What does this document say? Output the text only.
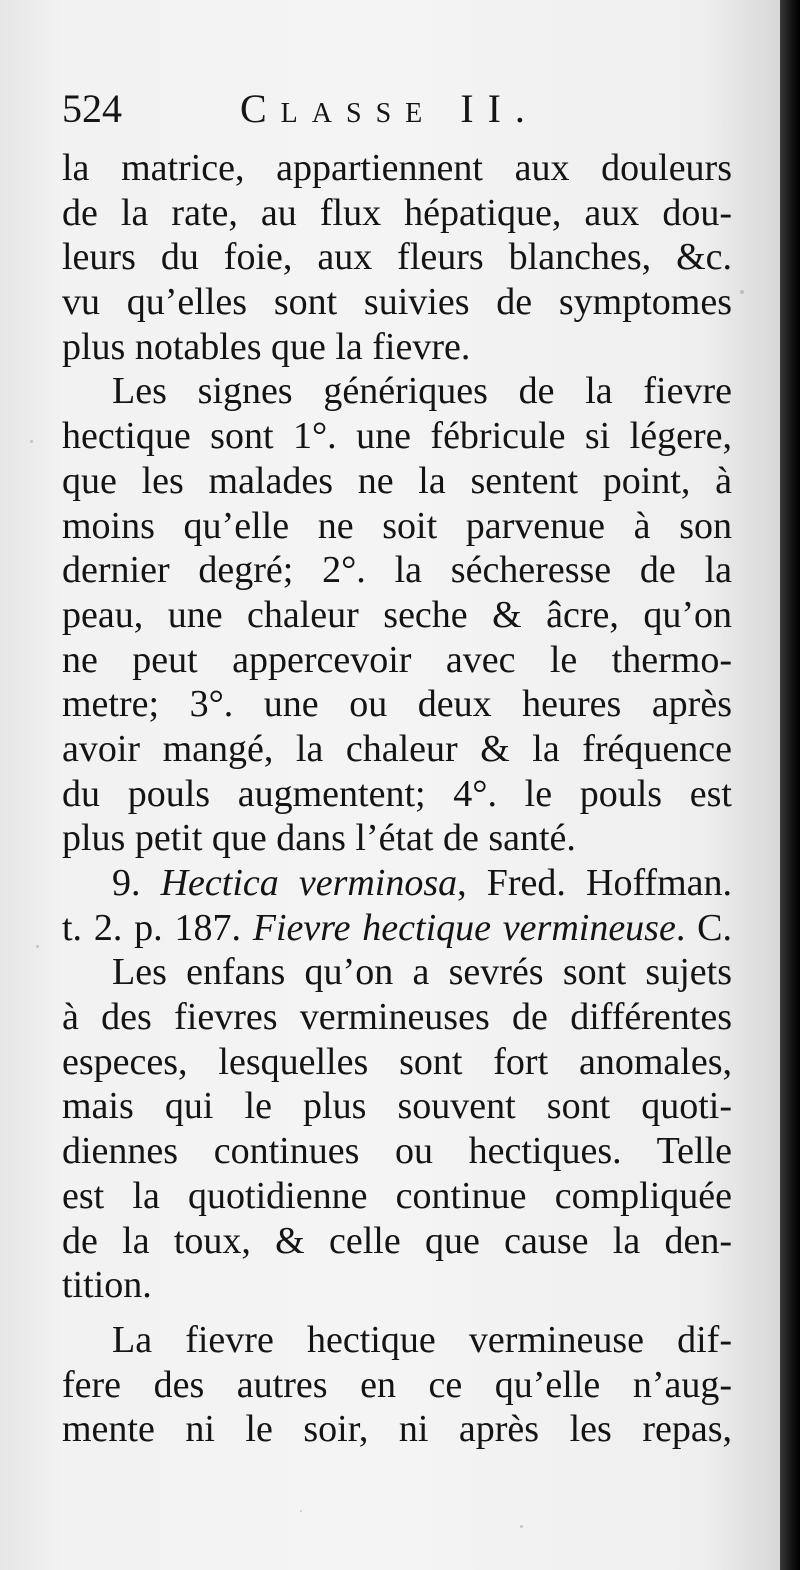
524	Classe II.
la matrice, appartiennent aux douleurs
de la rate, au flux hépatique, aux dou-
leurs du foie, aux fleurs blanches, &c.
vu qu’elles sont suivies de symptomes
plus notables que la fievre.
Les signes génériques de la fievre
hectique sont 1°. une fébricule si légere,
que les malades ne la sentent point, à
moins qu’elle ne soit parvenue à son
dernier degré; 2°. la sécheresse de la
peau, une chaleur seche & âcre, qu’on
ne peut appercevoir avec le thermo-
metre; 3°. une ou deux heures après
avoir mangé, la chaleur & la fréquence
du pouls augmentent; 4°. le pouls est
plus petit que dans l’état de santé.
9. Hectica verminosa, Fred. Hoffman.
t. 2. p. 187. Fievre hectique vermineuse. C.
Les enfans qu’on a sevrés sont sujets
à des fievres vermineuses de différentes
especes, lesquelles sont fort anomales,
mais qui le plus souvent sont quoti-
diennes continues ou hectiques. Telle
est la quotidienne continue compliquée
de la toux, & celle que cause la den-
tition.
La fievre hectique vermineuse dif-
fere des autres en ce qu’elle n’aug-
mente ni le soir, ni après les repas,
